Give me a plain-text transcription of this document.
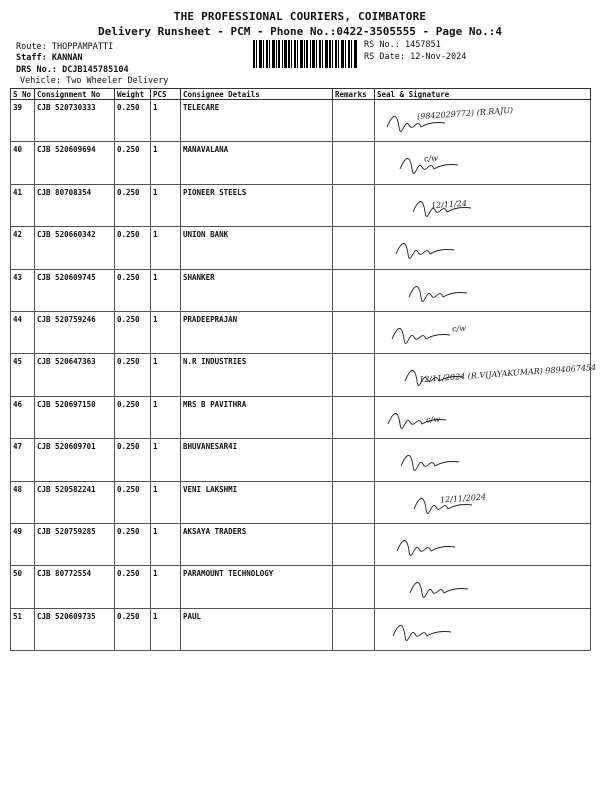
THE PROFESSIONAL COURIERS, COIMBATORE
Delivery Runsheet - PCM - Phone No.:0422-3505555 - Page No.:4
Route: THOPPAMPATTI
Staff: KANNAN
DRS No.: DCJB145785104
Vehicle: Two Wheeler Delivery
RS No.: 1457851
RS Date: 12-Nov-2024
S No	Consignment No	Weight	PCS	Consignee Details	Remarks	Seal & Signature
39	CJB 520730333	0.250	1	TELECARE		(9842029772) (R.RAJU)

40	CJB 520609694	0.250	1	MANAVALANA		c/w

41	CJB 80708354	0.250	1	PIONEER STEELS		12/11/24

42	CJB 520660342	0.250	1	UNION BANK		

43	CJB 520609745	0.250	1	SHANKER		

44	CJB 520759246	0.250	1	PRADEEPRAJAN		c/w

45	CJB 520647363	0.250	1	N.R INDUSTRIES		12/11/2024 (R.VIJAYAKUMAR) 9894067454

46	CJB 520697150	0.250	1	MRS B PAVITHRA		c/w

47	CJB 520609701	0.250	1	BHUVANESAR4I		

48	CJB 520582241	0.250	1	VENI LAKSHMI		12/11/2024

49	CJB 520759285	0.250	1	AKSAYA TRADERS		

50	CJB 80772554	0.250	1	PARAMOUNT TECHNOLOGY		

51	CJB 520609735	0.250	1	PAUL		
